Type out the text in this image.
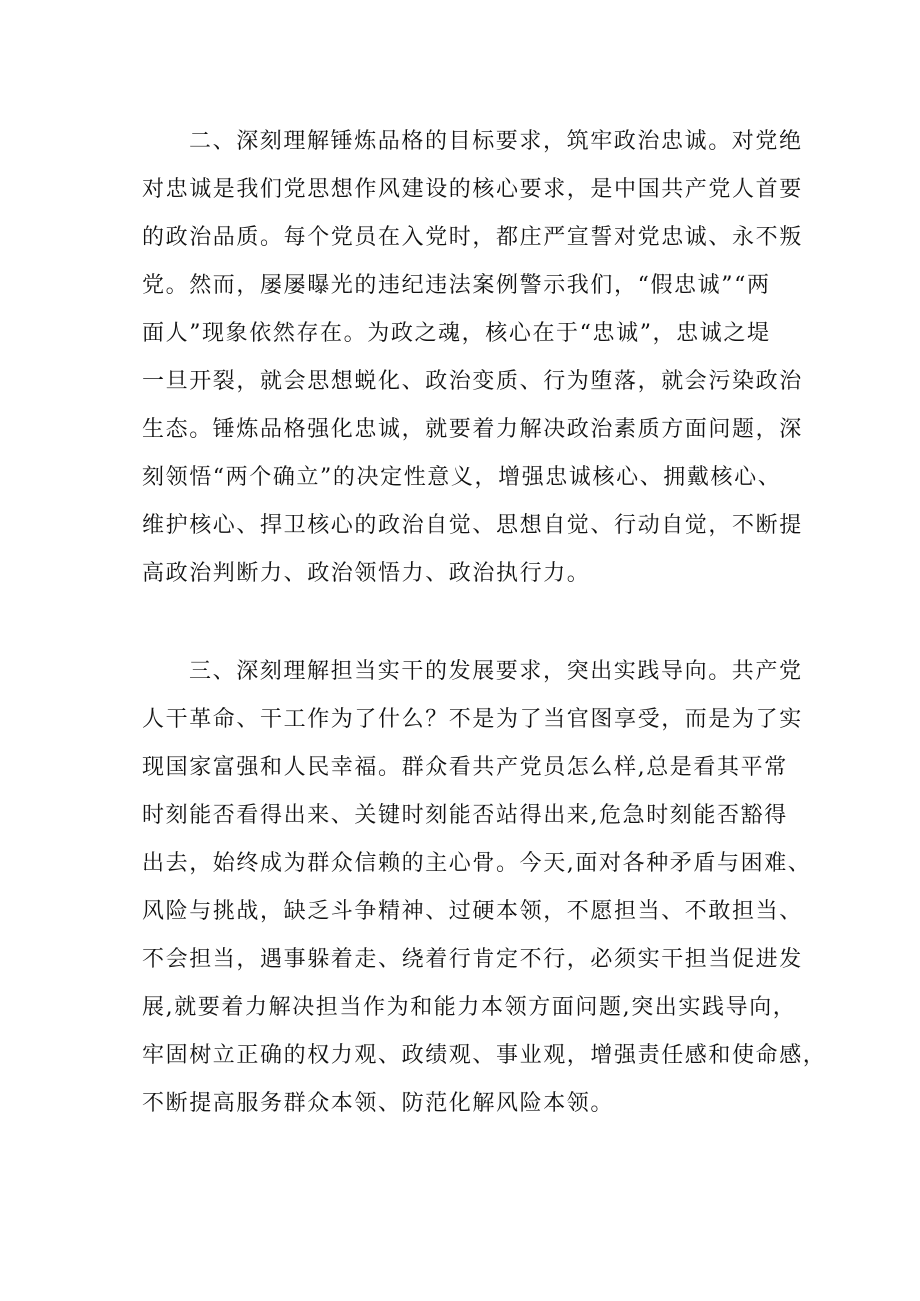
二、深刻理解锤炼品格的目标要求，筑牢政治忠诚。对党绝
对忠诚是我们党思想作风建设的核心要求，是中国共产党人首要
的政治品质。每个党员在入党时，都庄严宣誓对党忠诚、永不叛
党。然而，屡屡曝光的违纪违法案例警示我们，“假忠诚”“两
面人”现象依然存在。为政之魂，核心在于“忠诚”，忠诚之堤
一旦开裂，就会思想蜕化、政治变质、行为堕落，就会污染政治
生态。锤炼品格强化忠诚，就要着力解决政治素质方面问题，深
刻领悟“两个确立”的决定性意义，增强忠诚核心、拥戴核心、
维护核心、捍卫核心的政治自觉、思想自觉、行动自觉，不断提
高政治判断力、政治领悟力、政治执行力。
三、深刻理解担当实干的发展要求，突出实践导向。共产党
人干革命、干工作为了什么？不是为了当官图享受，而是为了实
现国家富强和人民幸福。群众看共产党员怎么样,总是看其平常
时刻能否看得出来、关键时刻能否站得出来,危急时刻能否豁得
出去，始终成为群众信赖的主心骨。今天,面对各种矛盾与困难、
风险与挑战，缺乏斗争精神、过硬本领，不愿担当、不敢担当、
不会担当，遇事躲着走、绕着行肯定不行，必须实干担当促进发
展,就要着力解决担当作为和能力本领方面问题,突出实践导向，
牢固树立正确的权力观、政绩观、事业观，增强责任感和使命感，
不断提高服务群众本领、防范化解风险本领。
